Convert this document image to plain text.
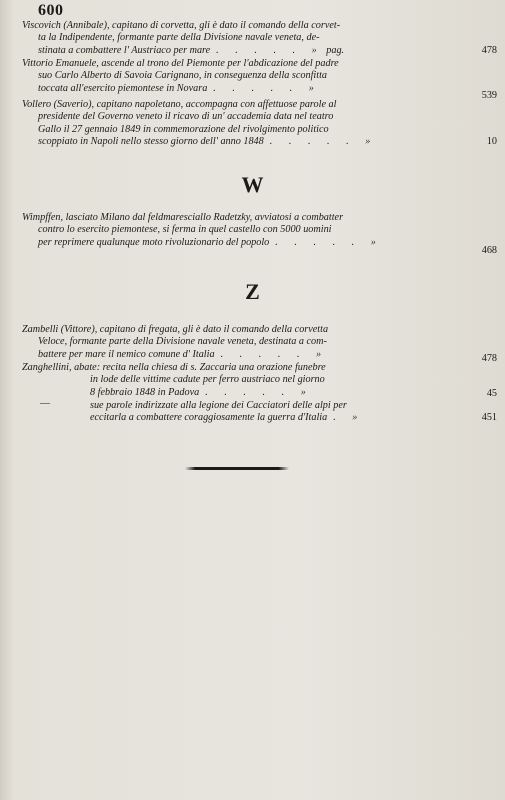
600
Viscovich (Annibale), capitano di corvetta, gli è dato il comando della corvet-
ta la Indipendente, formante parte della Divisione navale veneta, de-
stinata a combattere l' Austriaco per mare . . . . . » pag.	478
Vittorio Emanuele, ascende al trono del Piemonte per l'abdicazione del padre
suo Carlo Alberto di Savoia Carignano, in conseguenza della sconfitta
toccata all'esercito piemontese in Novara . . . . . »
539
Vollero (Saverio), capitano napoletano, accompagna con affettuose parole al
presidente del Governo veneto il ricavo di un' accademia data nel teatro
Gallo il 27 gennaio 1849 in commemorazione del rivolgimento politico
scoppiato in Napoli nello stesso giorno dell' anno 1848 . . . . . »	10
W
Wimpffen, lasciato Milano dal feldmaresciallo Radetzky, avviatosi a combatter
contro lo esercito piemontese, si ferma in quel castello con 5000 uomini
per reprimere qualunque moto rivoluzionario del popolo . . . . . »
468
Z
Zambelli (Vittore), capitano di fregata, gli è dato il comando della corvetta
Veloce, formante parte della Divisione navale veneta, destinata a com-
battere per mare il nemico comune d' Italia . . . . . »	478
Zanghellini, abate: recita nella chiesa di s. Zaccaria una orazione funebre
in lode delle vittime cadute per ferro austriaco nel giorno
8 febbraio 1848 in Padova . . . . . »	45
—	sue parole indirizzate alla legione dei Cacciatori delle alpi per
eccitarla a combattere coraggiosamente la guerra d'Italia . »	451
